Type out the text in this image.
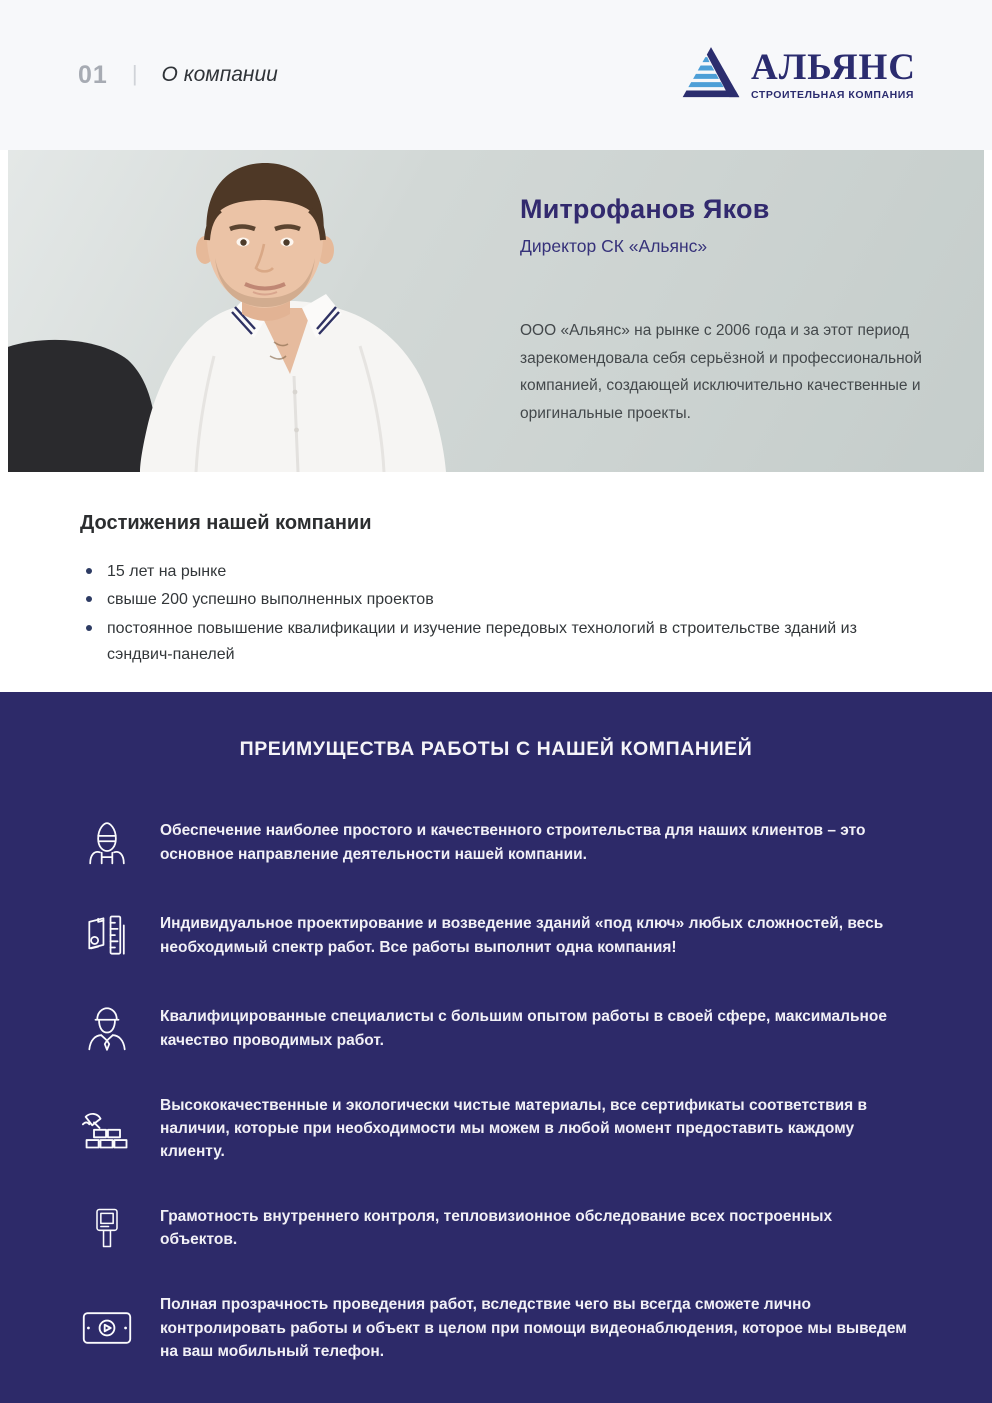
01 | О компании	АЛЬЯНС
СТРОИТЕЛЬНАЯ КОМПАНИЯ
Митрофанов Яков
Директор СК «Альянс»

ООО «Альянс» на рынке с 2006 года и за этот период зарекомендовала себя серьёзной и профессиональной компанией, создающей исключительно качественные и оригинальные проекты.

Достижения нашей компании
15 лет на рынке
свыше 200 успешно выполненных проектов
постоянное повышение квалификации и изучение передовых технологий в строительстве зданий из сэндвич-панелей
ПРЕИМУЩЕСТВА РАБОТЫ С НАШЕЙ КОМПАНИЕЙ

Обеспечение наиболее простого и качественного строительства для наших клиентов – это основное направление деятельности нашей компании.

Индивидуальное проектирование и возведение зданий «под ключ» любых сложностей, весь необходимый спектр работ. Все работы выполнит одна компания!

Квалифицированные специалисты с большим опытом работы в своей сфере, максимальное качество проводимых работ.

Высококачественные и экологически чистые материалы, все сертификаты соответствия в наличии, которые при необходимости мы можем в любой момент предоставить каждому клиенту.

Грамотность внутреннего контроля, тепловизионное обследование всех построенных объектов.

Полная прозрачность проведения работ, вследствие чего вы всегда сможете лично контролировать работы и объект в целом при помощи видеонаблюдения, которое мы выведем на ваш мобильный телефон.
